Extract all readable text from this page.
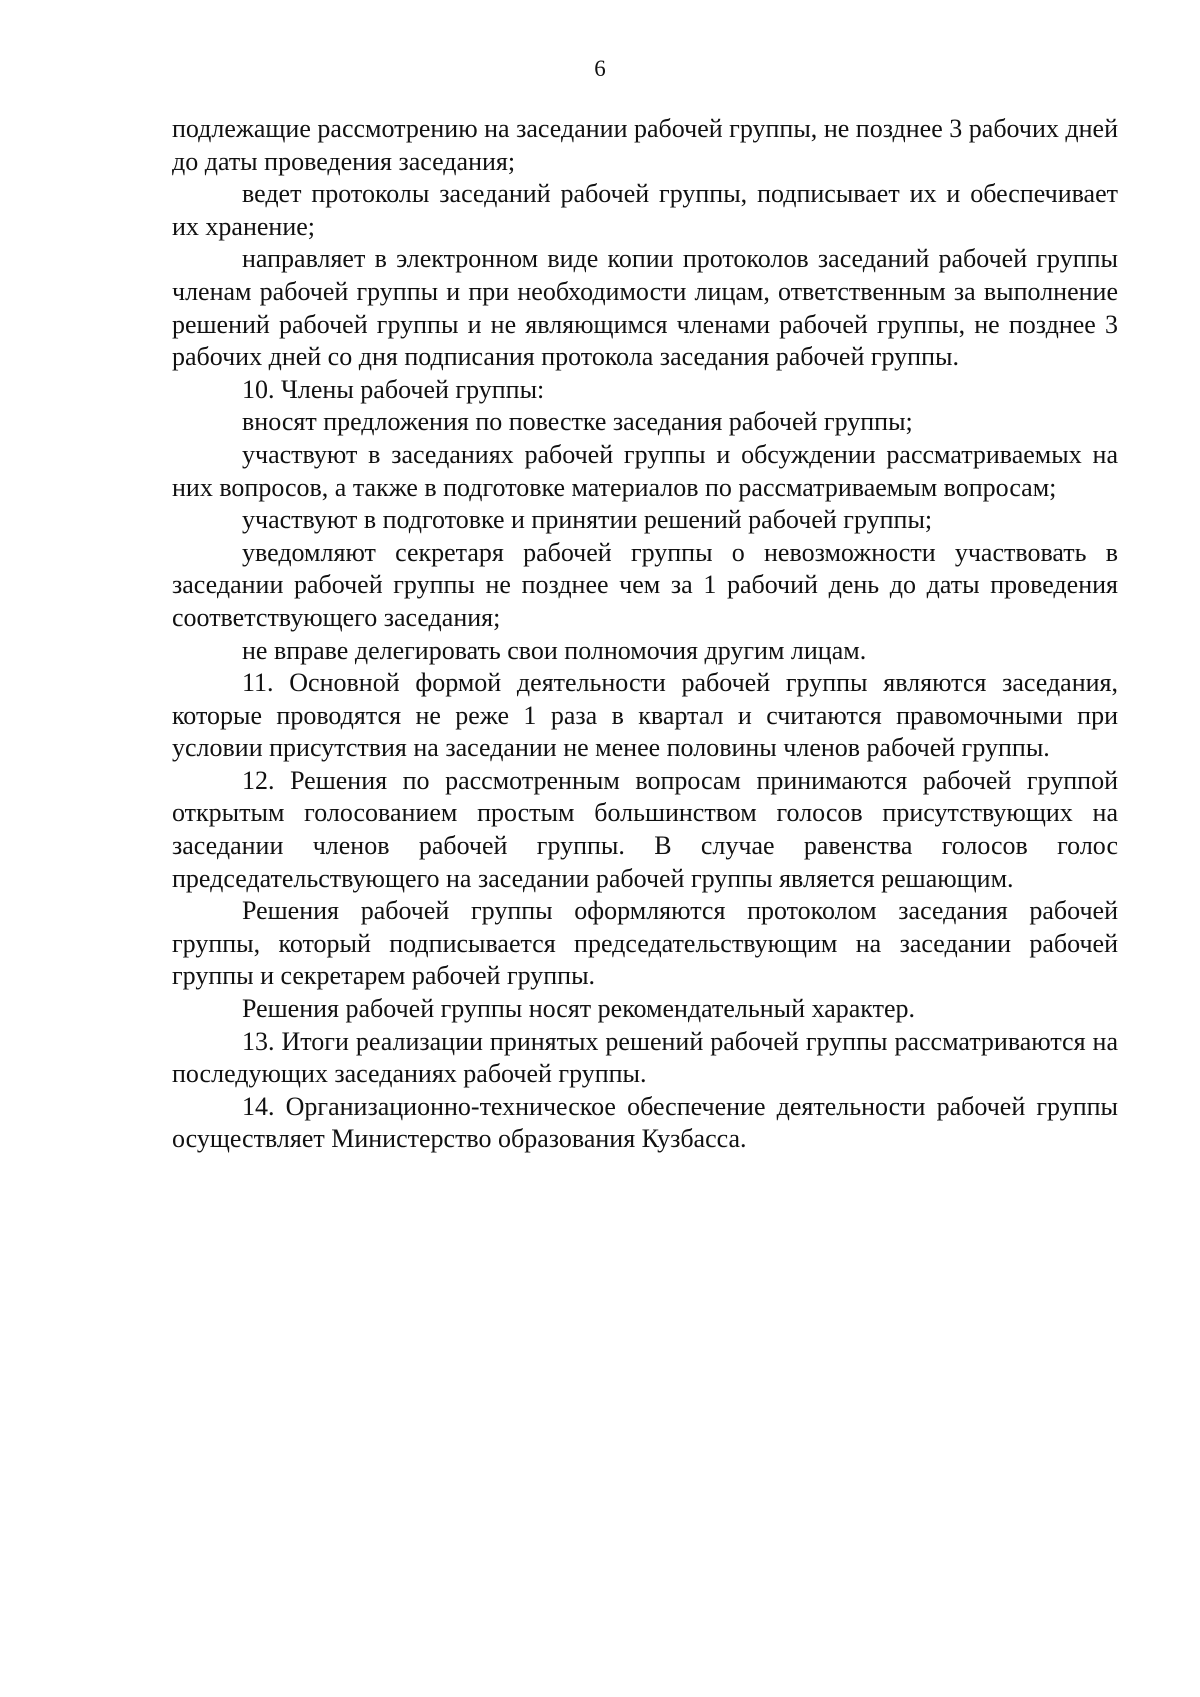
6

подлежащие рассмотрению на заседании рабочей группы, не позднее 3 рабочих дней до даты проведения заседания;

ведет протоколы заседаний рабочей группы, подписывает их и обеспечивает их хранение;

направляет в электронном виде копии протоколов заседаний рабочей группы членам рабочей группы и при необходимости лицам, ответственным за выполнение решений рабочей группы и не являющимся членами рабочей группы, не позднее 3 рабочих дней со дня подписания протокола заседания рабочей группы.

10. Члены рабочей группы:

вносят предложения по повестке заседания рабочей группы;

участвуют в заседаниях рабочей группы и обсуждении рассматриваемых на них вопросов, а также в подготовке материалов по рассматриваемым вопросам;

участвуют в подготовке и принятии решений рабочей группы;

уведомляют секретаря рабочей группы о невозможности участвовать в заседании рабочей группы не позднее чем за 1 рабочий день до даты проведения соответствующего заседания;

не вправе делегировать свои полномочия другим лицам.

11. Основной формой деятельности рабочей группы являются заседания, которые проводятся не реже 1 раза в квартал и считаются правомочными при условии присутствия на заседании не менее половины членов рабочей группы.

12. Решения по рассмотренным вопросам принимаются рабочей группой открытым голосованием простым большинством голосов присутствующих на заседании членов рабочей группы. В случае равенства голосов голос председательствующего на заседании рабочей группы является решающим.

Решения рабочей группы оформляются протоколом заседания рабочей группы, который подписывается председательствующим на заседании рабочей группы и секретарем рабочей группы.

Решения рабочей группы носят рекомендательный характер.

13. Итоги реализации принятых решений рабочей группы рассматриваются на последующих заседаниях рабочей группы.

14. Организационно-техническое обеспечение деятельности рабочей группы осуществляет Министерство образования Кузбасса.
